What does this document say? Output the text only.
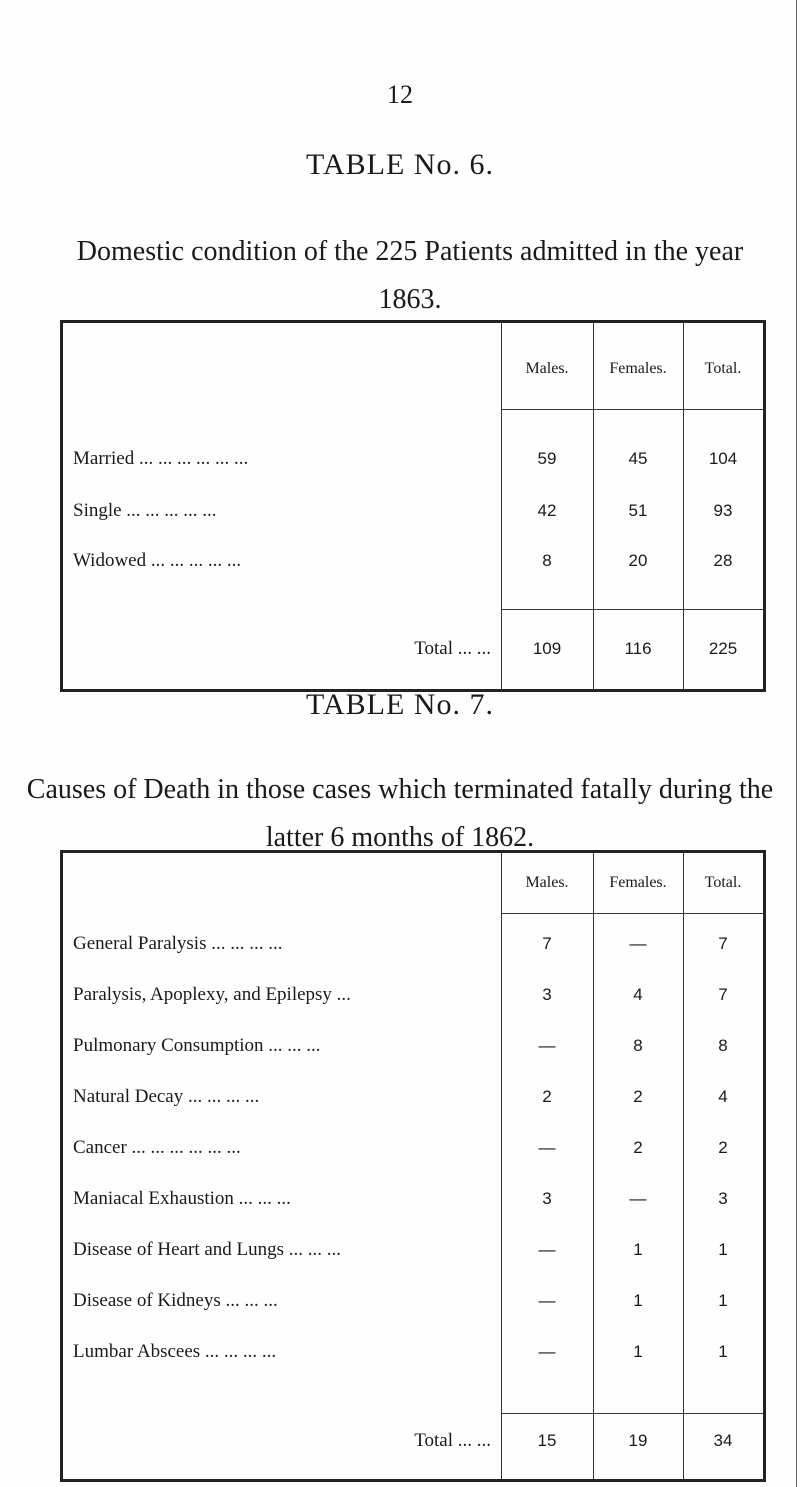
12
TABLE No. 6.
Domestic condition of the 225 Patients admitted in the year 1863.
Males.	Females.	Total.
Married ... ... ... ... ... ...	59	45	104
Single ... ... ... ... ...	42	51	93
Widowed ... ... ... ... ...	8	20	28
Total ... ...	109	116	225
TABLE No. 7.
Causes of Death in those cases which terminated fatally during the latter 6 months of 1862.
Males.	Females.	Total.
General Paralysis ... ... ... ...	7	—	7
Paralysis, Apoplexy, and Epilepsy ...	3	4	7
Pulmonary Consumption ... ... ...	—	8	8
Natural Decay ... ... ... ...	2	2	4
Cancer ... ... ... ... ... ...	—	2	2
Maniacal Exhaustion ... ... ...	3	—	3
Disease of Heart and Lungs ... ... ...	—	1	1
Disease of Kidneys ... ... ...	—	1	1
Lumbar Abscees ... ... ... ...	—	1	1
Total ... ...	15	19	34
